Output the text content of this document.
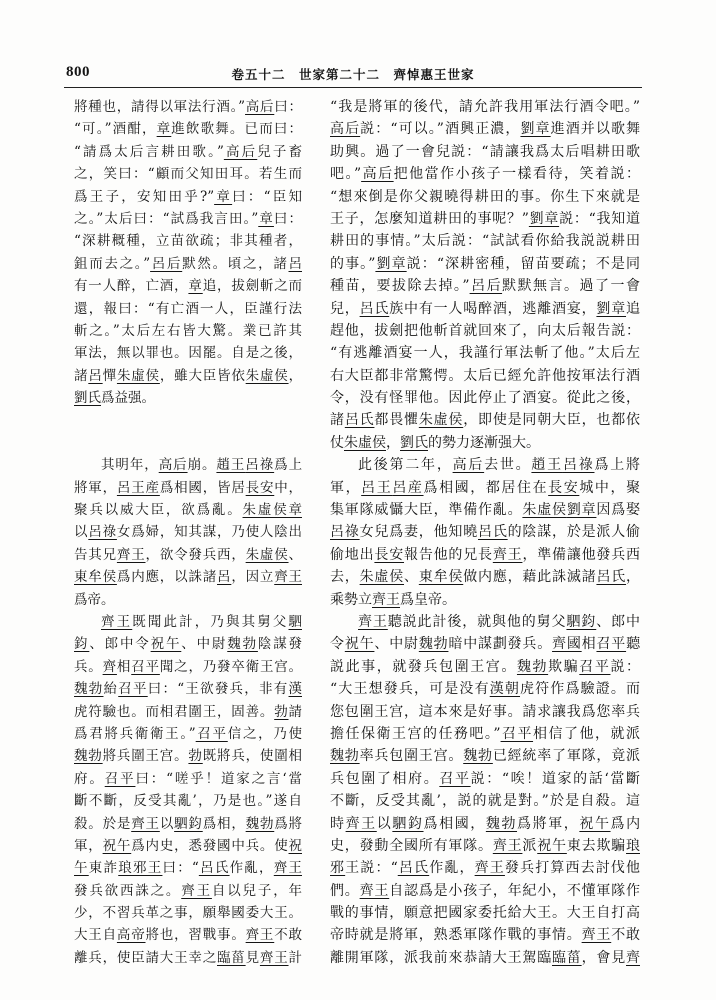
800	卷五十二　世家第二十二　齊悼惠王世家
將種也，請得以軍法行酒。”高后曰：
“可。”酒酣，章進飲歌舞。已而曰：
“請爲太后言耕田歌。”高后兒子畜
之，笑曰：“顧而父知田耳。若生而
爲王子，安知田乎?”章曰：“臣知
之。”太后曰：“試爲我言田。”章曰：
“深耕穊種，立苗欲疏；非其種者，
鉏而去之。”呂后默然。頃之，諸呂
有一人醉，亡酒，章追，拔劍斬之而
還，報曰：“有亡酒一人，臣謹行法
斬之。”太后左右皆大驚。業已許其
軍法，無以罪也。因罷。自是之後，
諸呂憚朱虛侯，雖大臣皆依朱虛侯，
劉氏爲益强。
“我是將軍的後代，請允許我用軍法行酒令吧。”
高后説：“可以。”酒興正濃，劉章進酒并以歌舞
助興。過了一會兒説：“請讓我爲太后唱耕田歌
吧。”高后把他當作小孩子一樣看待，笑着説：
“想來倒是你父親曉得耕田的事。你生下來就是
王子，怎麼知道耕田的事呢？”劉章説：“我知道
耕田的事情。”太后説：“試試看你給我説説耕田
的事。”劉章説：“深耕密種，留苗要疏；不是同
種苗，要拔除去掉。”呂后默默無言。過了一會
兒，呂氏族中有一人喝醉酒，逃離酒宴，劉章追
趕他，拔劍把他斬首就回來了，向太后報告説：
“有逃離酒宴一人，我謹行軍法斬了他。”太后左
右大臣都非常驚愕。太后已經允許他按軍法行酒
令，没有怪罪他。因此停止了酒宴。從此之後，
諸呂氏都畏懼朱虛侯，即使是同朝大臣，也都依
仗朱虛侯，劉氏的勢力逐漸强大。
其明年，高后崩。趙王呂祿爲上
將軍，呂王産爲相國，皆居長安中，
聚兵以威大臣，欲爲亂。朱虛侯章
以呂祿女爲婦，知其謀，乃使人陰出
告其兄齊王，欲令發兵西，朱虛侯、
東牟侯爲内應，以誅諸呂，因立齊王
爲帝。
此後第二年，高后去世。趙王呂祿爲上將
軍，呂王呂産爲相國，都居住在長安城中，聚
集軍隊威懾大臣，準備作亂。朱虛侯劉章因爲娶
呂祿女兒爲妻，他知曉呂氏的陰謀，於是派人偷
偷地出長安報告他的兄長齊王，準備讓他發兵西
去，朱虛侯、東牟侯做内應，藉此誅滅諸呂氏，
乘勢立齊王爲皇帝。
齊王既聞此計，乃與其舅父駟
鈞、郎中令祝午、中尉魏勃陰謀發
兵。齊相召平聞之，乃發卒衛王宫。
魏勃紿召平曰：“王欲發兵，非有漢
虎符驗也。而相君圍王，固善。勃請
爲君將兵衛衛王。”召平信之，乃使
魏勃將兵圍王宫。勃既將兵，使圍相
府。召平曰：“嗟乎！道家之言‘當
斷不斷，反受其亂’，乃是也。”遂自
殺。於是齊王以駟鈞爲相，魏勃爲將
軍，祝午爲内史，悉發國中兵。使祝
午東詐琅邪王曰：“呂氏作亂，齊王
發兵欲西誅之。齊王自以兒子，年
少，不習兵革之事，願舉國委大王。
大王自高帝將也，習戰事。齊王不敢
離兵，使臣請大王幸之臨菑見齊王計
齊王聽説此計後，就與他的舅父駟鈞、郎中
令祝午、中尉魏勃暗中謀劃發兵。齊國相召平聽
説此事，就發兵包圍王宫。魏勃欺騙召平説：
“大王想發兵，可是没有漢朝虎符作爲驗證。而
您包圍王宫，這本來是好事。請求讓我爲您率兵
擔任保衛王宫的任務吧。”召平相信了他，就派
魏勃率兵包圍王宫。魏勃已經統率了軍隊，竟派
兵包圍了相府。召平説：“唉！道家的話‘當斷
不斷，反受其亂’，説的就是對。”於是自殺。這
時齊王以駟鈞爲相國，魏勃爲將軍，祝午爲内
史，發動全國所有軍隊。齊王派祝午東去欺騙琅
邪王説：“呂氏作亂，齊王發兵打算西去討伐他
們。齊王自認爲是小孩子，年紀小，不懂軍隊作
戰的事情，願意把國家委托給大王。大王自打高
帝時就是將軍，熟悉軍隊作戰的事情。齊王不敢
離開軍隊，派我前來恭請大王駕臨臨菑，會見齊
